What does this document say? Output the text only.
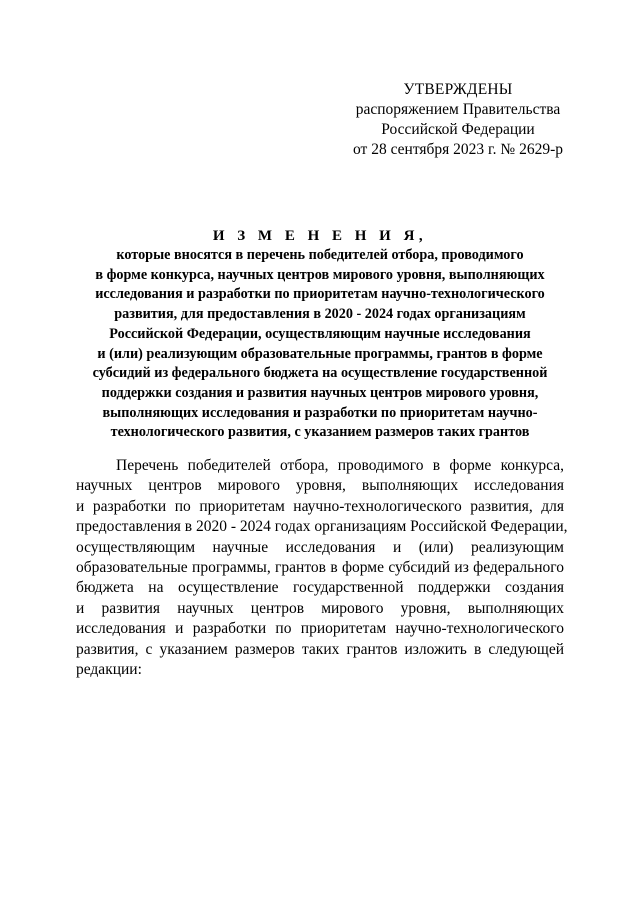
УТВЕРЖДЕНЫ
распоряжением Правительства
Российской Федерации
от 28 сентября 2023 г. № 2629-р
И З М Е Н Е Н И Я,
которые вносятся в перечень победителей отбора, проводимого
в форме конкурса, научных центров мирового уровня, выполняющих
исследования и разработки по приоритетам научно-технологического
развития, для предоставления в 2020 - 2024 годах организациям
Российской Федерации, осуществляющим научные исследования
и (или) реализующим образовательные программы, грантов в форме
субсидий из федерального бюджета на осуществление государственной
поддержки создания и развития научных центров мирового уровня,
выполняющих исследования и разработки по приоритетам научно-
технологического развития, с указанием размеров таких грантов
Перечень победителей отбора, проводимого в форме конкурса,
научных центров мирового уровня, выполняющих исследования
и разработки по приоритетам научно-технологического развития, для
предоставления в 2020 - 2024 годах организациям Российской Федерации,
осуществляющим научные исследования и (или) реализующим
образовательные программы, грантов в форме субсидий из федерального
бюджета на осуществление государственной поддержки создания
и развития научных центров мирового уровня, выполняющих
исследования и разработки по приоритетам научно-технологического
развития, с указанием размеров таких грантов изложить в следующей
редакции:
